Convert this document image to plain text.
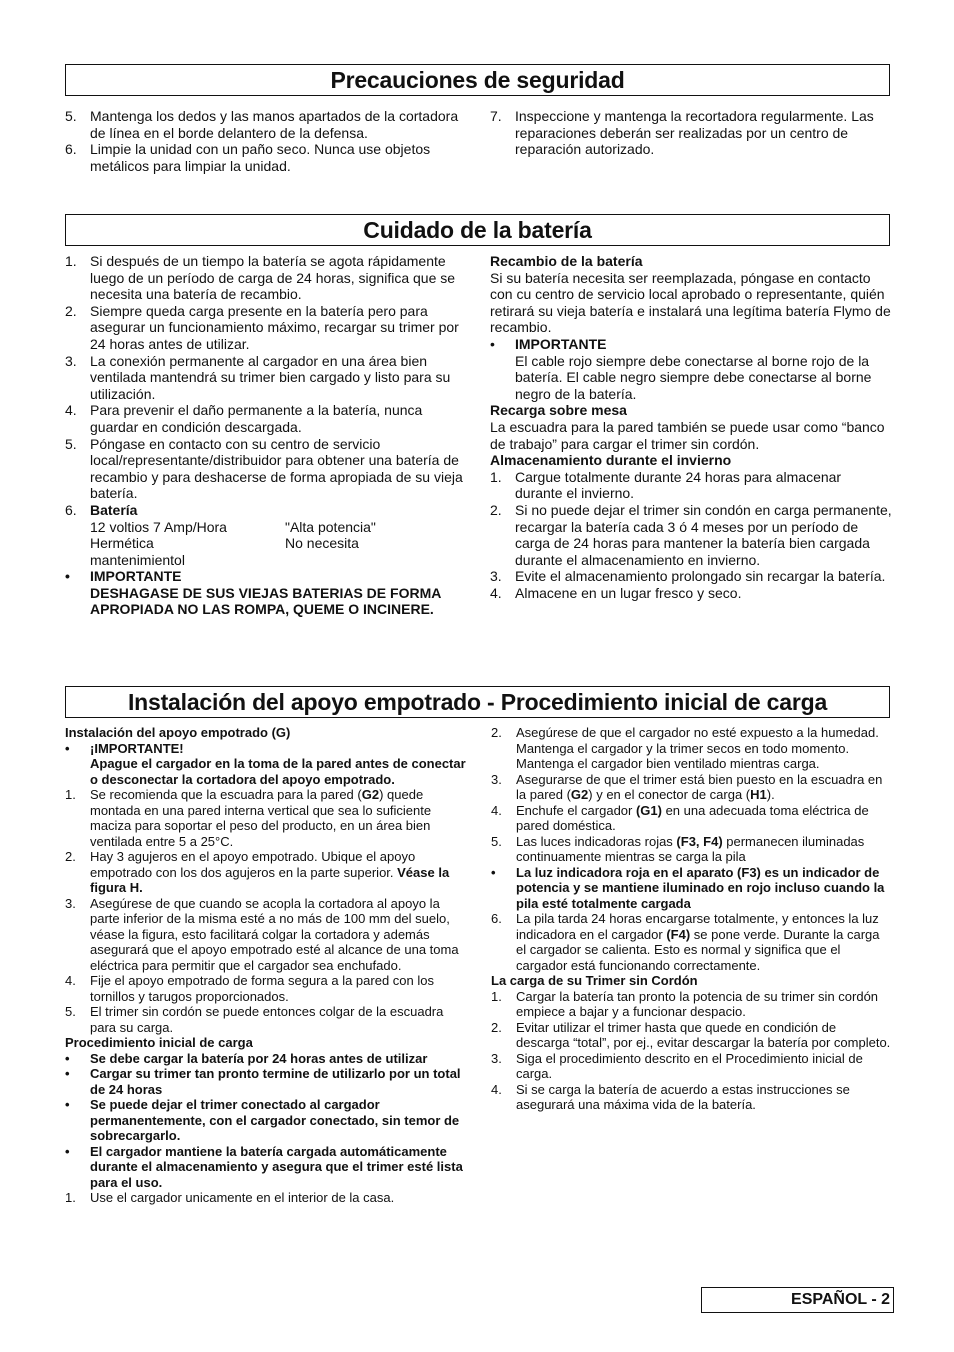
Precauciones de seguridad
5. Mantenga los dedos y las manos apartados de la cortadora de línea en el borde delantero de la defensa.
6. Limpie la unidad con un paño seco. Nunca use objetos metálicos para limpiar la unidad.
7. Inspeccione y mantenga la recortadora regularmente. Las reparaciones deberán ser realizadas por un centro de reparación autorizado.
Cuidado de la batería
1. Si después de un tiempo la batería se agota rápidamente luego de un período de carga de 24 horas, significa que se necesita una batería de recambio.
2. Siempre queda carga presente en la batería pero para asegurar un funcionamiento máximo, recargar su trimer por 24 horas antes de utilizar.
3. La conexión permanente al cargador en una área bien ventilada mantendrá su trimer bien cargado y listo para su utilización.
4. Para prevenir el daño permanente a la batería, nunca guardar en condición descargada.
5. Póngase en contacto con su centro de servicio local/representante/distribuidor para obtener una batería de recambio y para deshacerse de forma apropiada de su vieja batería.
6. Batería
12 voltios 7 Amp/Hora	"Alta potencia"
Hermética	No necesita
mantenimientol
• IMPORTANTE
DESHAGASE DE SUS VIEJAS BATERIAS DE FORMA APROPIADA NO LAS ROMPA, QUEME O INCINERE.
Recambio de la batería
Si su batería necesita ser reemplazada, póngase en contacto con cu centro de servicio local aprobado o representante, quién retirará su vieja batería e instalará una legítima batería Flymo de recambio.
• IMPORTANTE
El cable rojo siempre debe conectarse al borne rojo de la batería. El cable negro siempre debe conectarse al borne negro de la batería.
Recarga sobre mesa
La escuadra para la pared también se puede usar como “banco de trabajo” para cargar el trimer sin cordón.
Almacenamiento durante el invierno
1. Cargue totalmente durante 24 horas para almacenar durante el invierno.
2. Si no puede dejar el trimer sin condón en carga permanente, recargar la batería cada 3 ó 4 meses por un período de carga de 24 horas para mantener la batería bien cargada durante el almacenamiento en invierno.
3. Evite el almacenamiento prolongado sin recargar la batería.
4. Almacene en un lugar fresco y seco.
Instalación del apoyo empotrado - Procedimiento inicial de carga
Instalación del apoyo empotrado (G)
• ¡IMPORTANTE!
Apague el cargador en la toma de la pared antes de conectar o desconectar la cortadora del apoyo empotrado.
1. Se recomienda que la escuadra para la pared (G2) quede montada en una pared interna vertical que sea lo suficiente maciza para soportar el peso del producto, en un área bien ventilada entre 5 a 25°C.
2. Hay 3 agujeros en el apoyo empotrado. Ubique el apoyo empotrado con los dos agujeros en la parte superior. Véase la figura H.
3. Asegúrese de que cuando se acopla la cortadora al apoyo la parte inferior de la misma esté a no más de 100 mm del suelo, véase la figura, esto facilitará colgar la cortadora y además asegurará que el apoyo empotrado esté al alcance de una toma eléctrica para permitir que el cargador sea enchufado.
4. Fije el apoyo empotrado de forma segura a la pared con los tornillos y tarugos proporcionados.
5. El trimer sin cordón se puede entonces colgar de la escuadra para su carga.
Procedimiento inicial de carga
• Se debe cargar la batería por 24 horas antes de utilizar
• Cargar su trimer tan pronto termine de utilizarlo por un total de 24 horas
• Se puede dejar el trimer conectado al cargador permanentemente, con el cargador conectado, sin temor de sobrecargarlo.
• El cargador mantiene la batería cargada automáticamente durante el almacenamiento y asegura que el trimer esté lista para el uso.
1. Use el cargador unicamente en el interior de la casa.
2. Asegúrese de que el cargador no esté expuesto a la humedad. Mantenga el cargador y la trimer secos en todo momento. Mantenga el cargador bien ventilado mientras carga.
3. Asegurarse de que el trimer está bien puesto en la escuadra en la pared (G2) y en el conector de carga (H1).
4. Enchufe el cargador (G1) en una adecuada toma eléctrica de pared doméstica.
5. Las luces indicadoras rojas (F3, F4) permanecen iluminadas continuamente mientras se carga la pila
• La luz indicadora roja en el aparato (F3) es un indicador de potencia y se mantiene iluminado en rojo incluso cuando la pila esté totalmente cargada
6. La pila tarda 24 horas encargarse totalmente, y entonces la luz indicadora en el cargador (F4) se pone verde. Durante la carga el cargador se calienta. Esto es normal y significa que el cargador está funcionando correctamente.
La carga de su Trimer sin Cordón
1. Cargar la batería tan pronto la potencia de su trimer sin cordón empiece a bajar y a funcionar despacio.
2. Evitar utilizar el trimer hasta que quede en condición de descarga “total”, por ej., evitar descargar la batería por completo.
3. Siga el procedimiento descrito en el Procedimiento inicial de carga.
4. Si se carga la batería de acuerdo a estas instrucciones se asegurará una máxima vida de la batería.
ESPAÑOL - 2
